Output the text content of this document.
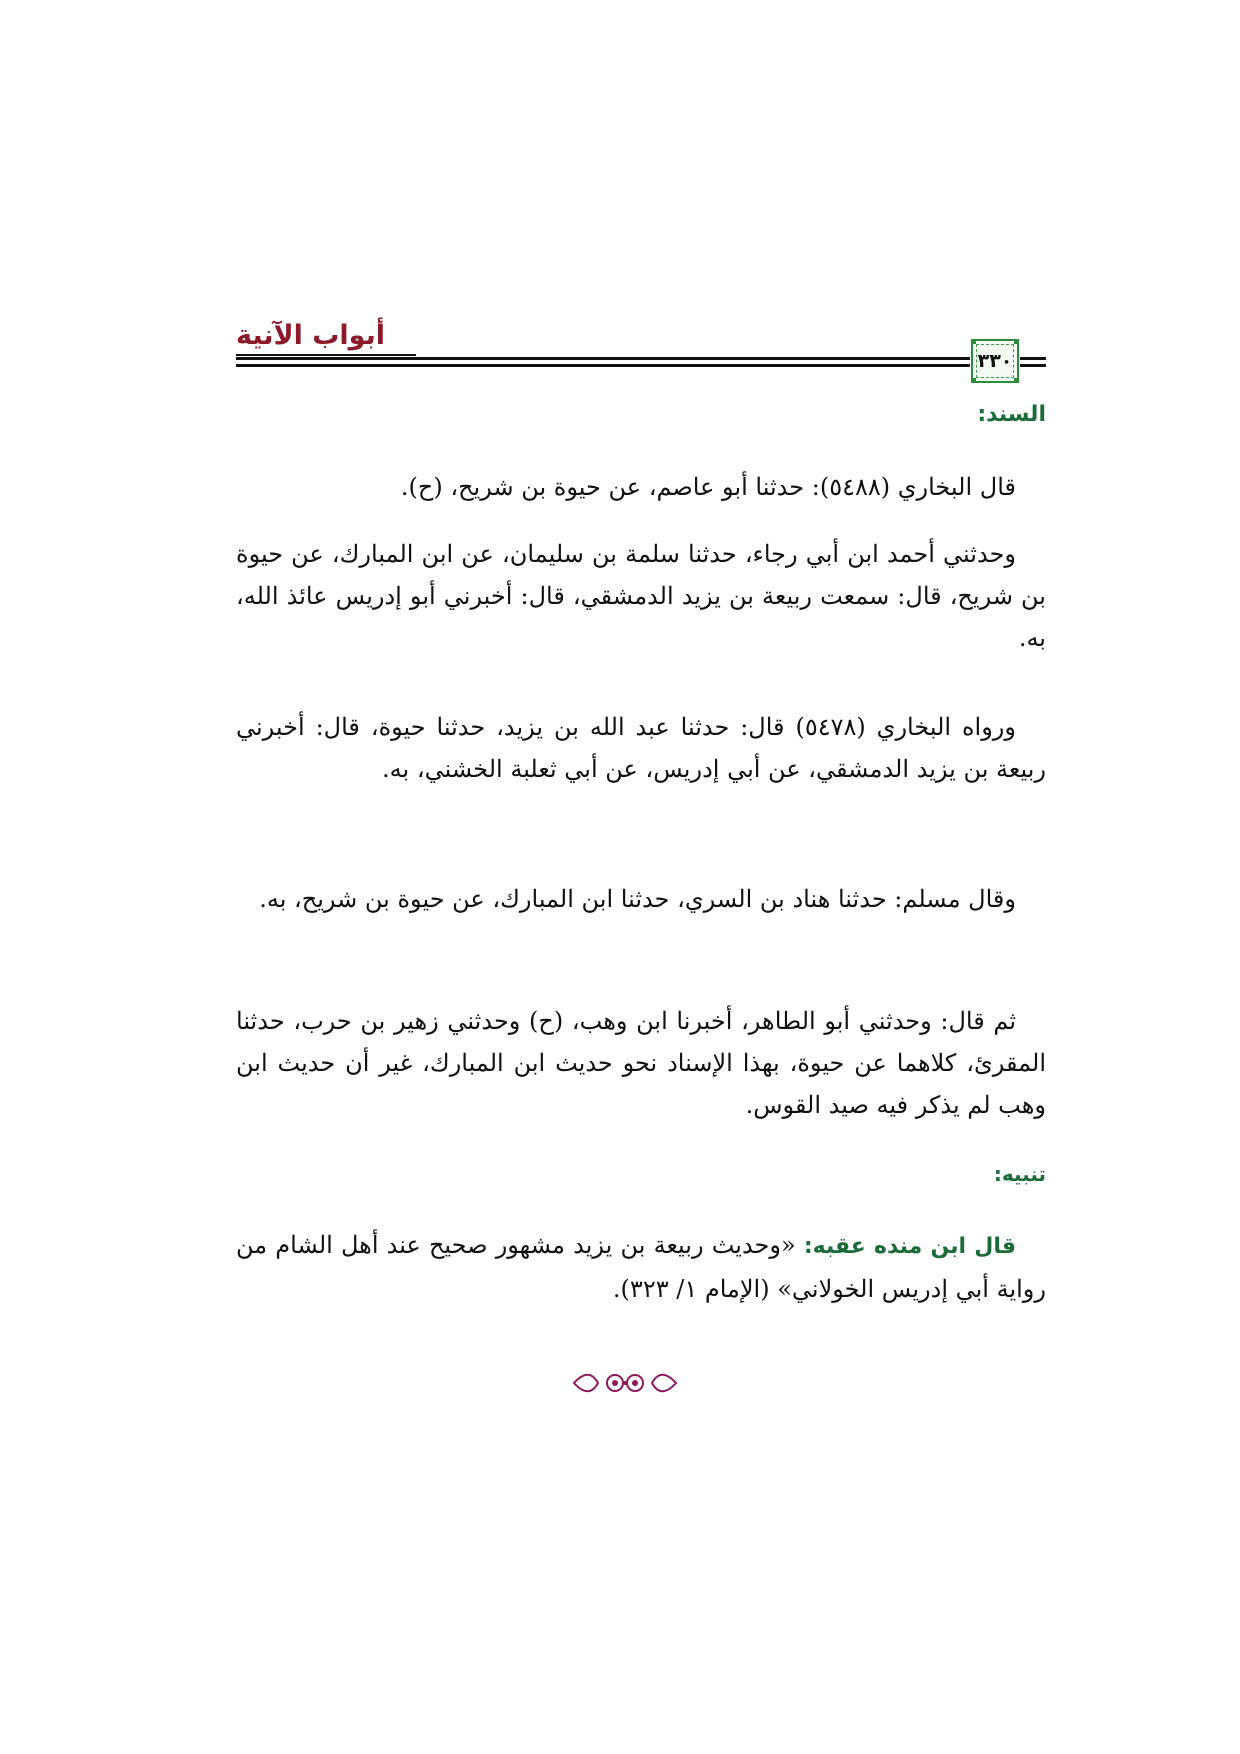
أبواب الآنية
٣٣٠
السند:

قال البخاري (٥٤٨٨): حدثنا أبو عاصم، عن حيوة بن شريح، (ح).

وحدثني أحمد ابن أبي رجاء، حدثنا سلمة بن سليمان، عن ابن المبارك، عن حيوة بن شريح، قال: سمعت ربيعة بن يزيد الدمشقي، قال: أخبرني أبو إدريس عائذ الله، به.

ورواه البخاري (٥٤٧٨) قال: حدثنا عبد الله بن يزيد، حدثنا حيوة، قال: أخبرني ربيعة بن يزيد الدمشقي، عن أبي إدريس، عن أبي ثعلبة الخشني، به.

وقال مسلم: حدثنا هناد بن السري، حدثنا ابن المبارك، عن حيوة بن شريح، به.

ثم قال: وحدثني أبو الطاهر، أخبرنا ابن وهب، (ح) وحدثني زهير بن حرب، حدثنا المقرئ، كلاهما عن حيوة، بهذا الإسناد نحو حديث ابن المبارك، غير أن حديث ابن وهب لم يذكر فيه صيد القوس.

تنبيه:

قال ابن منده عقبه: «وحديث ربيعة بن يزيد مشهور صحيح عند أهل الشام من رواية أبي إدريس الخولاني» (الإمام ١/ ٣٢٣).
